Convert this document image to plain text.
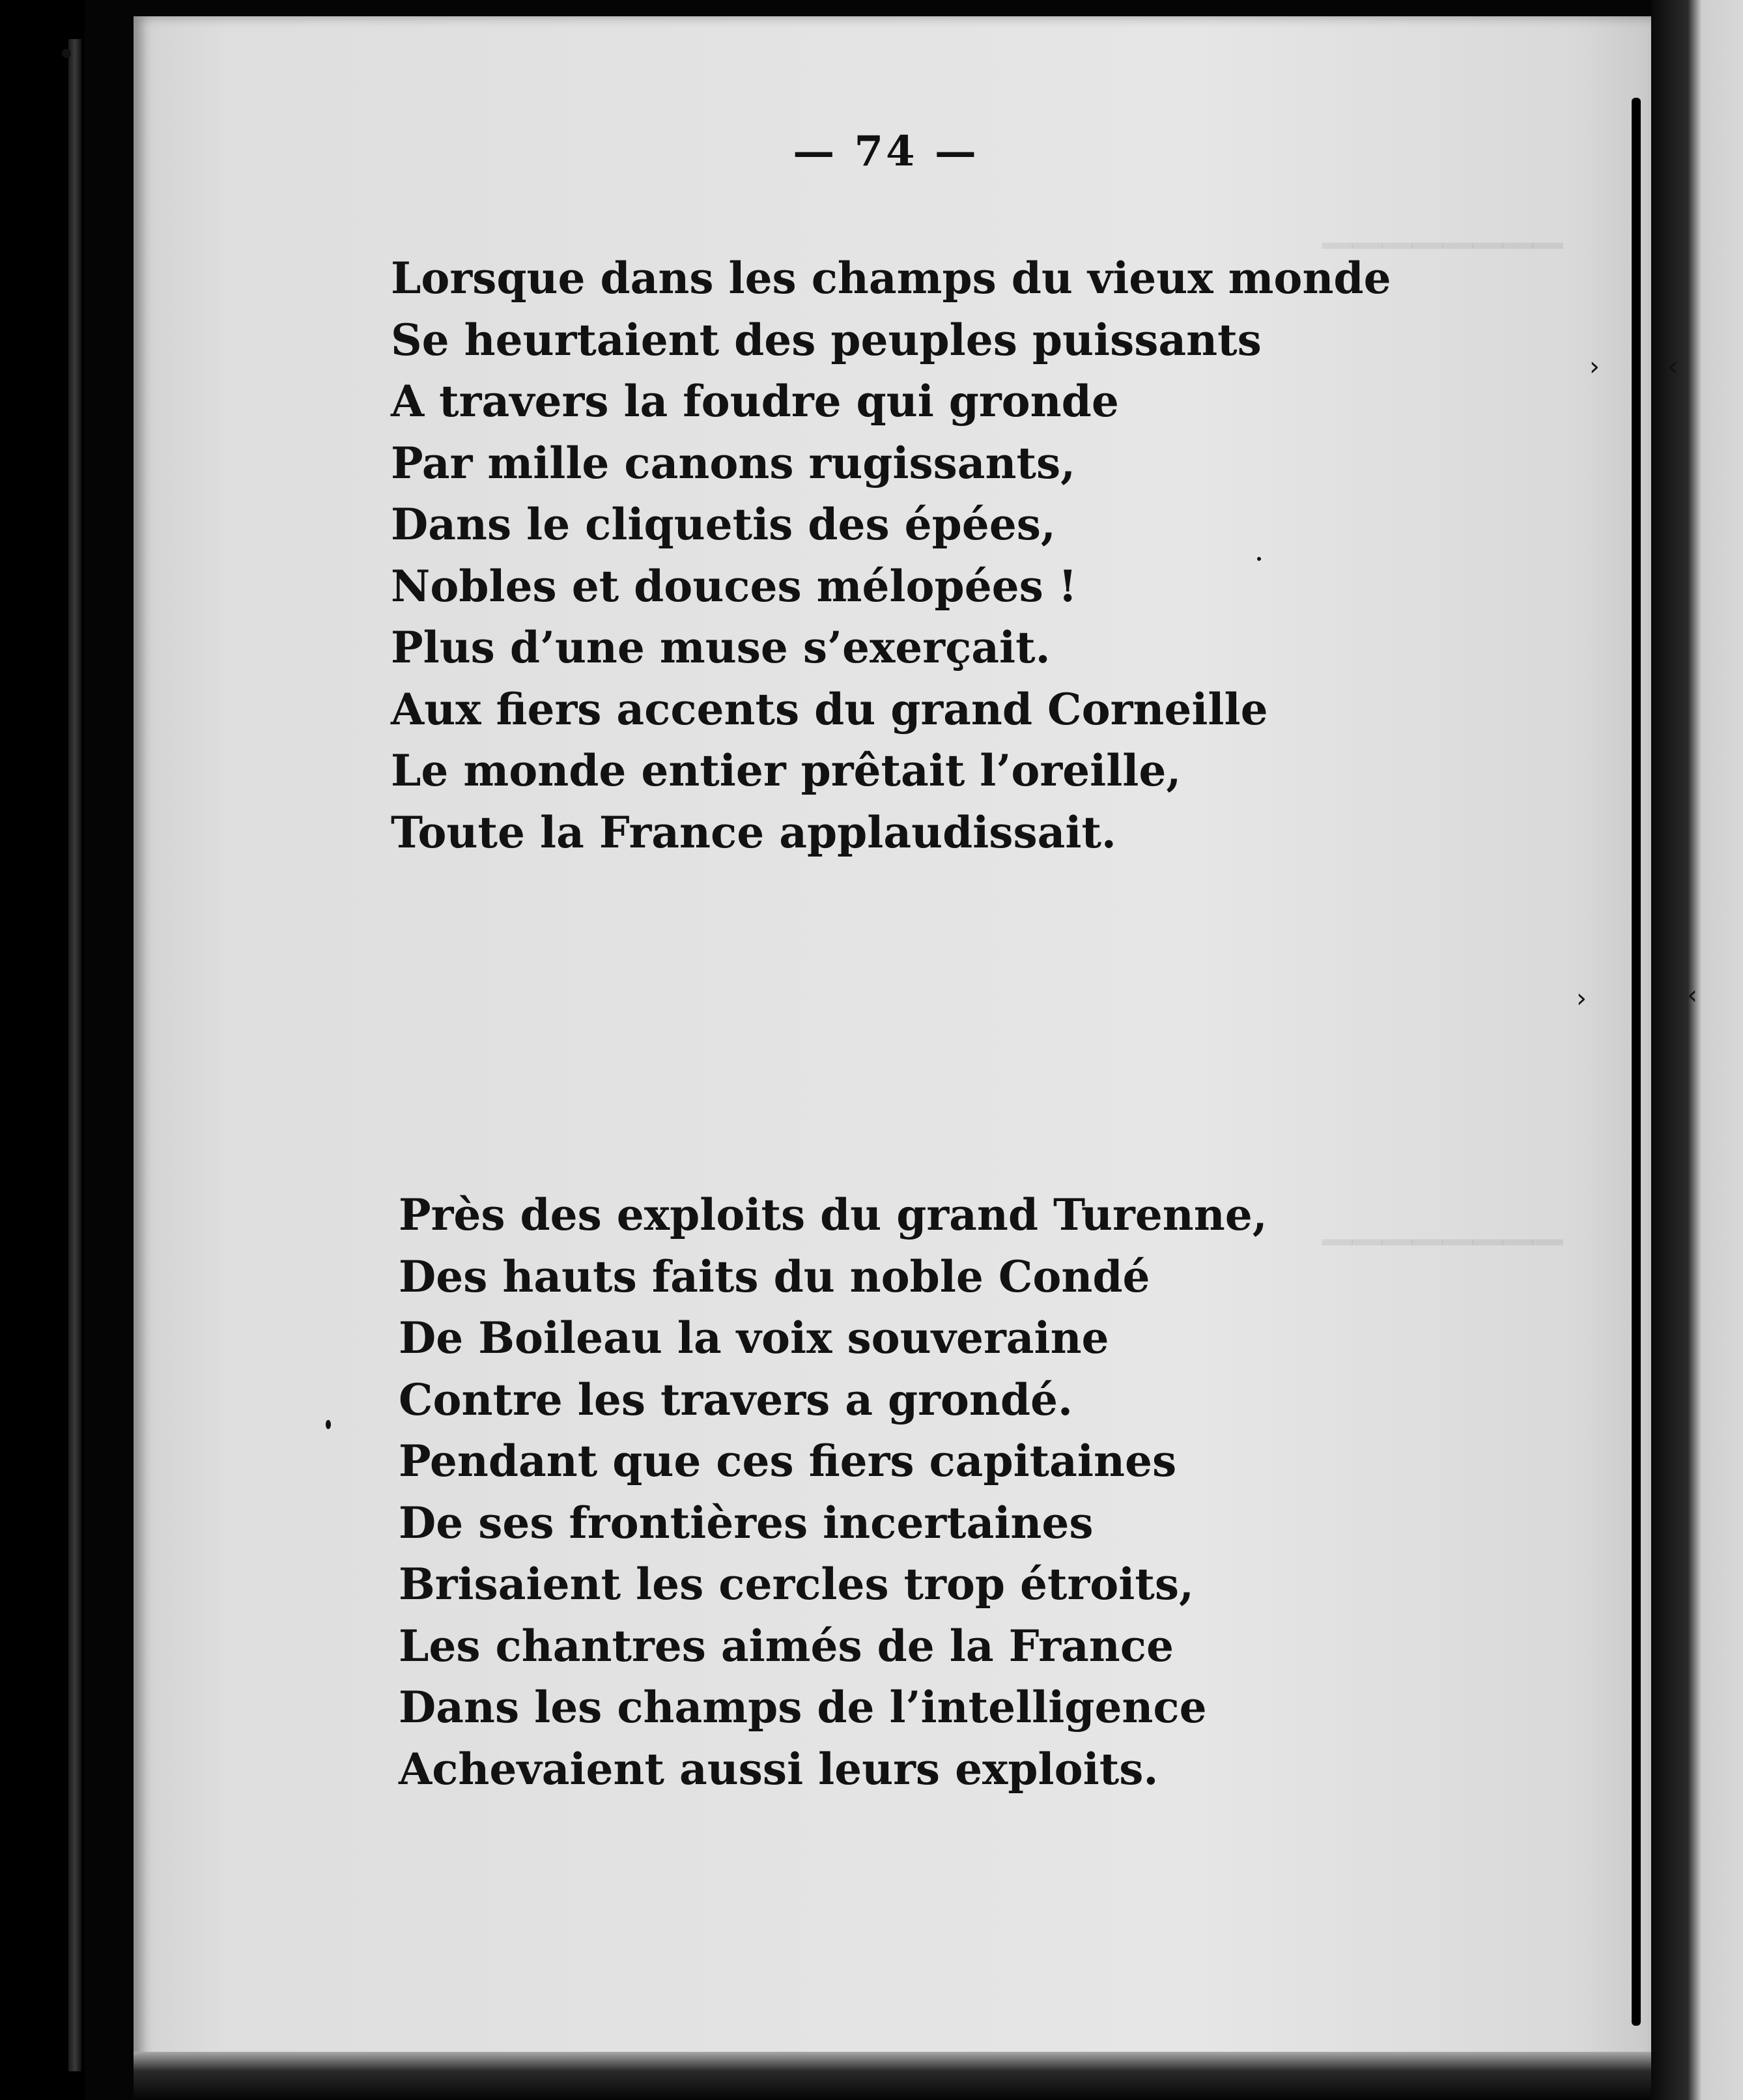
▁▁▁▁▁▁▁▁
▁▁▁▁▁▁▁▁
›	‹
›	‹
— 74 —
Lorsque dans les champs du vieux monde
Se heurtaient des peuples puissants
A travers la foudre qui gronde
Par mille canons rugissants,
Dans le cliquetis des épées,
Nobles et douces mélopées !
Plus d’une muse s’exerçait.
Aux fiers accents du grand Corneille
Le monde entier prêtait l’oreille,
Toute la France applaudissait.
Près des exploits du grand Turenne,
Des hauts faits du noble Condé
De Boileau la voix souveraine
Contre les travers a grondé.
Pendant que ces fiers capitaines
De ses frontières incertaines
Brisaient les cercles trop étroits,
Les chantres aimés de la France
Dans les champs de l’intelligence
Achevaient aussi leurs exploits.
